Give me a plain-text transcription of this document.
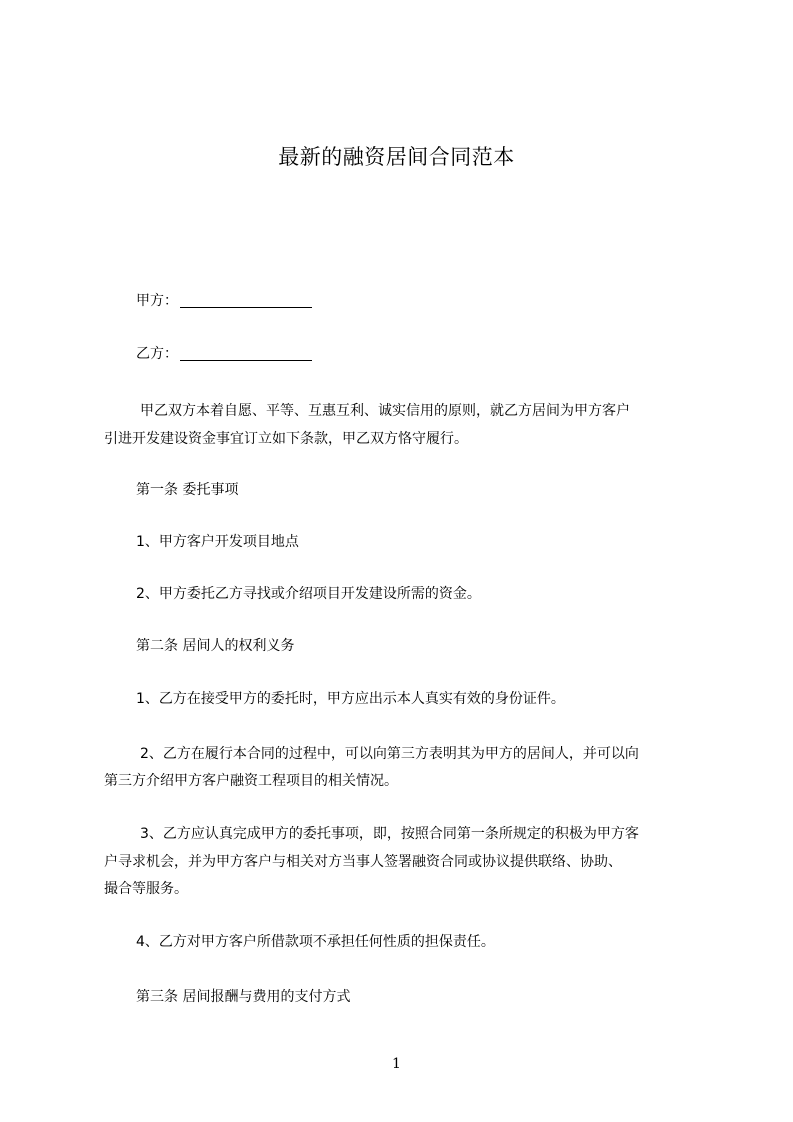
最新的融资居间合同范本
甲方：
乙方：
甲乙双方本着自愿、平等、互惠互利、诚实信用的原则，就乙方居间为甲方客户
引进开发建设资金事宜订立如下条款，甲乙双方恪守履行。
第一条 委托事项
1、甲方客户开发项目地点
2、甲方委托乙方寻找或介绍项目开发建设所需的资金。
第二条 居间人的权利义务
1、乙方在接受甲方的委托时，甲方应出示本人真实有效的身份证件。
2、乙方在履行本合同的过程中，可以向第三方表明其为甲方的居间人，并可以向
第三方介绍甲方客户融资工程项目的相关情况。
3、乙方应认真完成甲方的委托事项，即，按照合同第一条所规定的积极为甲方客
户寻求机会，并为甲方客户与相关对方当事人签署融资合同或协议提供联络、协助、
撮合等服务。
4、乙方对甲方客户所借款项不承担任何性质的担保责任。
第三条 居间报酬与费用的支付方式
1
